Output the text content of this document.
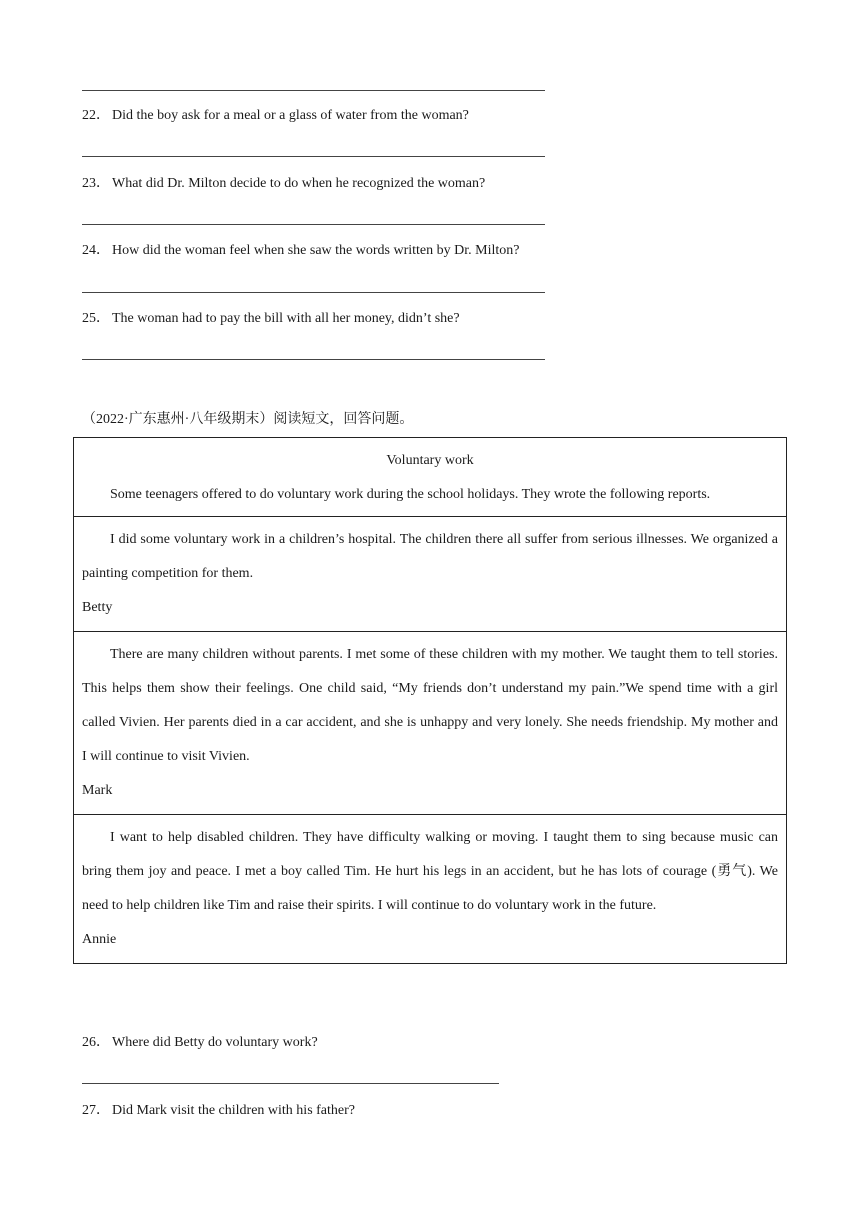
22． Did the boy ask for a meal or a glass of water from the woman?
23． What did Dr. Milton decide to do when he recognized the woman?
24． How did the woman feel when she saw the words written by Dr. Milton?
25． The woman had to pay the bill with all her money, didn’t she?
（2022·广东惠州·八年级期末）阅读短文，回答问题。

Voluntary work

Some teenagers offered to do voluntary work during the school holidays. They wrote the following reports.

I did some voluntary work in a children’s hospital. The children there all suffer from serious illnesses. We organized a painting competition for them.

Betty

There are many children without parents. I met some of these children with my mother. We taught them to tell stories. This helps them show their feelings. One child said, “My friends don’t understand my pain.”We spend time with a girl called Vivien. Her parents died in a car accident, and she is unhappy and very lonely. She needs friendship. My mother and I will continue to visit Vivien.

Mark

I want to help disabled children. They have difficulty walking or moving. I taught them to sing because music can bring them joy and peace. I met a boy called Tim. He hurt his legs in an accident, but he has lots of courage (勇气). We need to help children like Tim and raise their spirits. I will continue to do voluntary work in the future.

Annie

26． Where did Betty do voluntary work?
27． Did Mark visit the children with his father?
